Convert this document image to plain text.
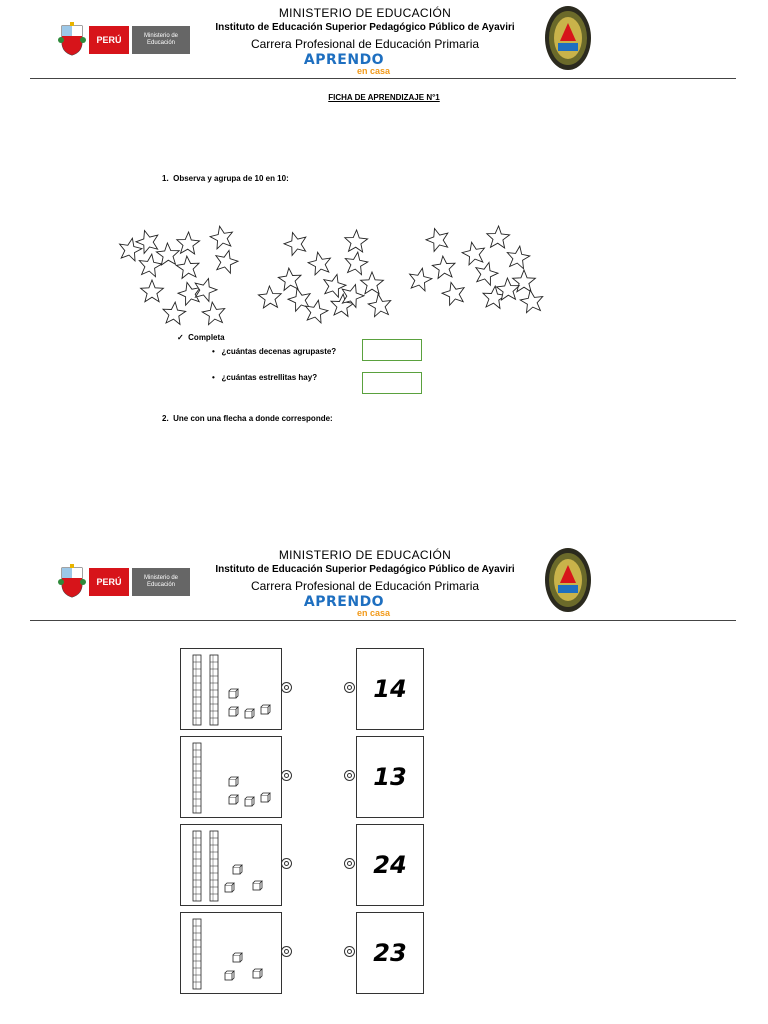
PERÚ	Ministerio de Educación
MINISTERIO DE EDUCACIÓN
Instituto de Educación Superior Pedagógico Público de Ayaviri
Carrera Profesional de Educación Primaria
APRENDO
en casa
FICHA DE APRENDIZAJE N°1
1. Observa y agrupa de 10 en 10:
✓ Completa
• ¿cuántas decenas agrupaste?
• ¿cuántas estrellitas hay?
2. Une con una flecha a donde corresponde:
PERÚ	Ministerio de Educación
MINISTERIO DE EDUCACIÓN
Instituto de Educación Superior Pedagógico Público de Ayaviri
Carrera Profesional de Educación Primaria
APRENDO
en casa
14
13
24
23
